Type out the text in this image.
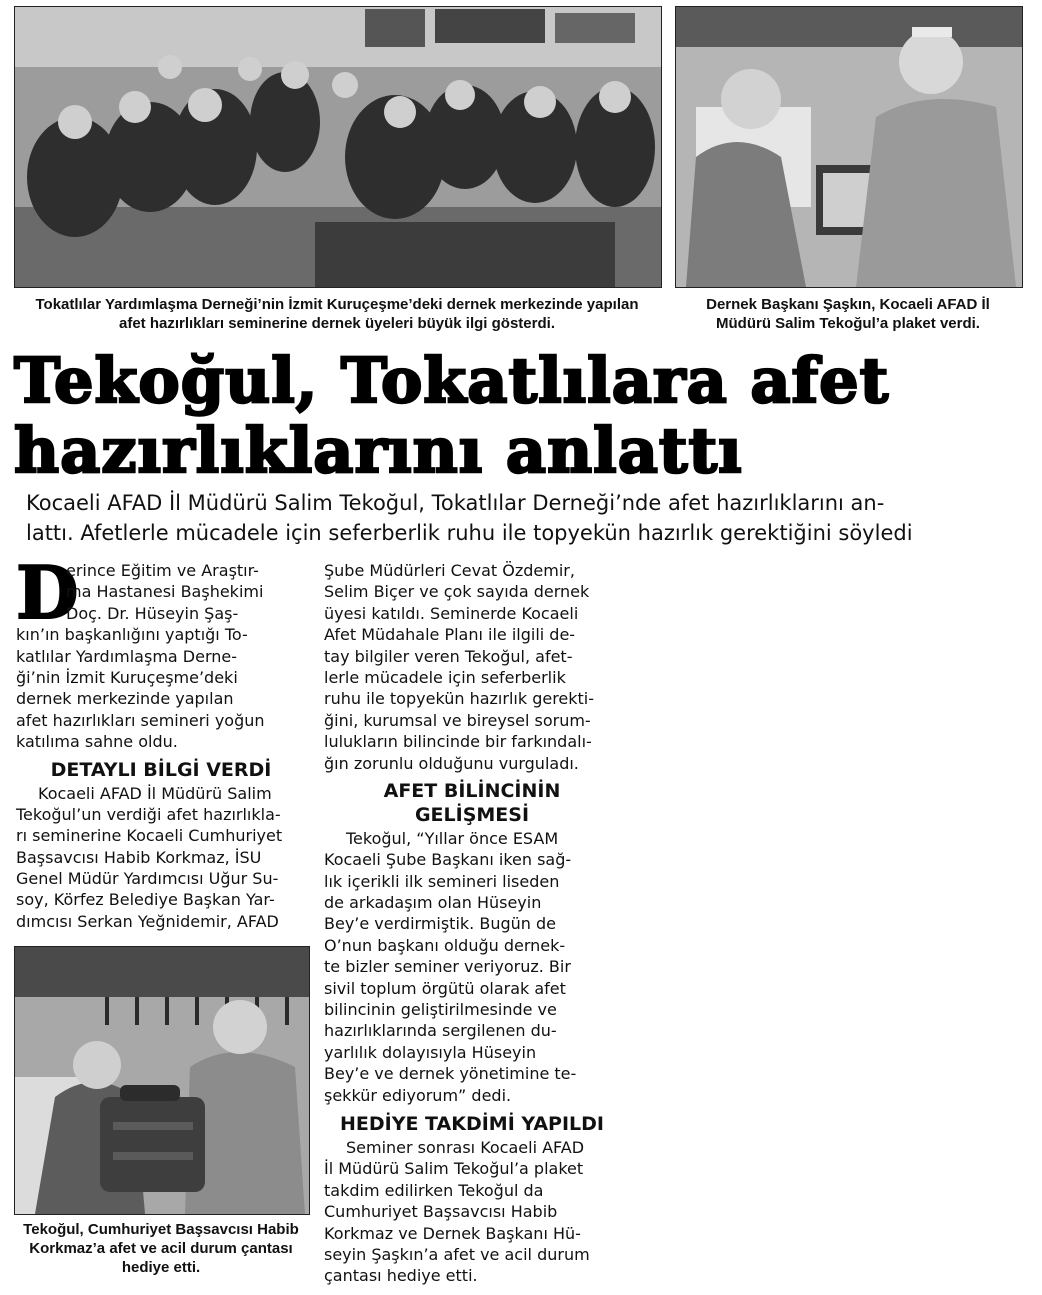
Tokatlılar Yardımlaşma Derneği’nin İzmit Kuruçeşme’deki dernek merkezinde yapılan
afet hazırlıkları seminerine dernek üyeleri büyük ilgi gösterdi.
Dernek Başkanı Şaşkın, Kocaeli AFAD İl
Müdürü Salim Tekoğul’a plaket verdi.
Tekoğul, Tokatlılara afet
hazırlıklarını anlattı
Kocaeli AFAD İl Müdürü Salim Tekoğul, Tokatlılar Derneği’nde afet hazırlıklarını an-
lattı. Afetlerle mücadele için seferberlik ruhu ile topyekün hazırlık gerektiğini söyledi
D
erince Eğitim ve Araştır-
ma Hastanesi Başhekimi
Doç. Dr. Hüseyin Şaş-
kın’ın başkanlığını yaptığı To-
katlılar Yardımlaşma Derne-
ği’nin İzmit Kuruçeşme’deki
dernek merkezinde yapılan
afet hazırlıkları semineri yoğun
katılıma sahne oldu.
DETAYLI BİLGİ VERDİ
Kocaeli AFAD İl Müdürü Salim
Tekoğul’un verdiği afet hazırlıkla-
rı seminerine Kocaeli Cumhuriyet
Başsavcısı Habib Korkmaz, İSU
Genel Müdür Yardımcısı Uğur Su-
soy, Körfez Belediye Başkan Yar-
dımcısı Serkan Yeğnidemir, AFAD
Tekoğul, Cumhuriyet Başsavcısı Habib
Korkmaz’a afet ve acil durum çantası
hediye etti.
Şube Müdürleri Cevat Özdemir,
Selim Biçer ve çok sayıda dernek
üyesi katıldı. Seminerde Kocaeli
Afet Müdahale Planı ile ilgili de-
tay bilgiler veren Tekoğul, afet-
lerle mücadele için seferberlik
ruhu ile topyekün hazırlık gerekti-
ğini, kurumsal ve bireysel sorum-
lulukların bilincinde bir farkındalı-
ğın zorunlu olduğunu vurguladı.
AFET BİLİNCİNİN
GELİŞMESİ
Tekoğul, “Yıllar önce ESAM
Kocaeli Şube Başkanı iken sağ-
lık içerikli ilk semineri liseden
de arkadaşım olan Hüseyin
Bey’e verdirmiştik. Bugün de
O’nun başkanı olduğu dernek-
te bizler seminer veriyoruz. Bir
sivil toplum örgütü olarak afet
bilincinin geliştirilmesinde ve
hazırlıklarında sergilenen du-
yarlılık dolayısıyla Hüseyin
Bey’e ve dernek yönetimine te-
şekkür ediyorum” dedi.
HEDİYE TAKDİMİ YAPILDI
Seminer sonrası Kocaeli AFAD
İl Müdürü Salim Tekoğul’a plaket
takdim edilirken Tekoğul da
Cumhuriyet Başsavcısı Habib
Korkmaz ve Dernek Başkanı Hü-
seyin Şaşkın’a afet ve acil durum
çantası hediye etti.
